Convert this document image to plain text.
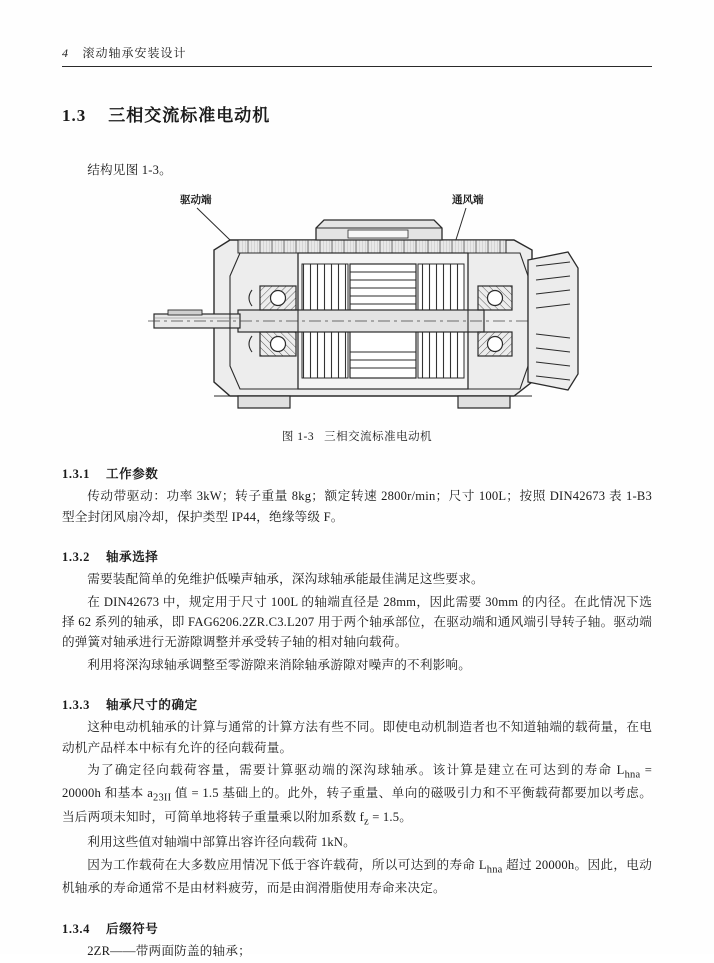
4 滚动轴承安装设计
1.3 三相交流标准电动机

结构见图 1-3。

驱动端	通风端
图 1-3 三相交流标准电动机
1.3.1 工作参数

传动带驱动：功率 3kW；转子重量 8kg；额定转速 2800r/min；尺寸 100L；按照 DIN42673 表 1-B3 型全封闭风扇冷却，保护类型 IP44，绝缘等级 F。

1.3.2 轴承选择

需要装配简单的免维护低噪声轴承，深沟球轴承能最佳满足这些要求。

在 DIN42673 中，规定用于尺寸 100L 的轴端直径是 28mm，因此需要 30mm 的内径。在此情况下选择 62 系列的轴承，即 FAG6206.2ZR.C3.L207 用于两个轴承部位，在驱动端和通风端引导转子轴。驱动端的弹簧对轴承进行无游隙调整并承受转子轴的相对轴向载荷。

利用将深沟球轴承调整至零游隙来消除轴承游隙对噪声的不利影响。

1.3.3 轴承尺寸的确定

这种电动机轴承的计算与通常的计算方法有些不同。即使电动机制造者也不知道轴端的载荷量，在电动机产品样本中标有允许的径向载荷量。

为了确定径向载荷容量，需要计算驱动端的深沟球轴承。该计算是建立在可达到的寿命 $L_{hna} = 20000h$ 和基本 $a_{23II}$ 值 = 1.5 基础上的。此外，转子重量、单向的磁吸引力和不平衡载荷都要加以考虑。当后两项未知时，可简单地将转子重量乘以附加系数 $f_z = 1.5$。

利用这些值对轴端中部算出容许径向载荷 1kN。

因为工作载荷在大多数应用情况下低于容许载荷，所以可达到的寿命 $L_{hna}$ 超过 20000h。因此，电动机轴承的寿命通常不是由材料疲劳，而是由润滑脂使用寿命来决定。

1.3.4 后缀符号

2ZR——带两面防盖的轴承；
